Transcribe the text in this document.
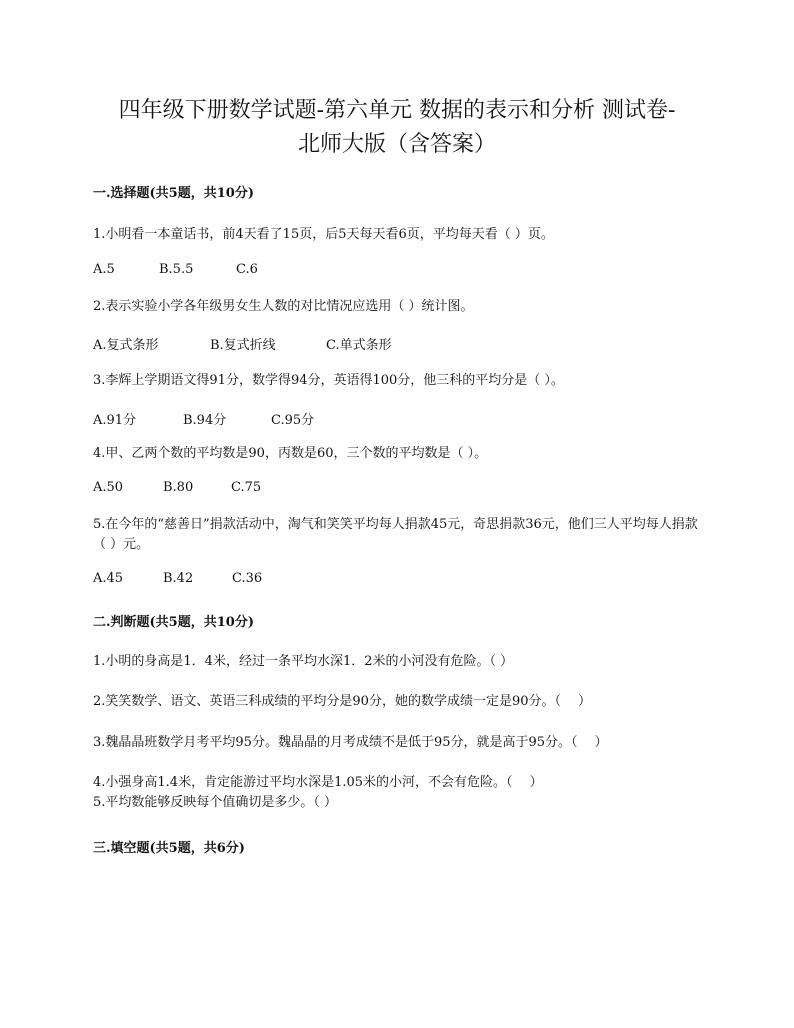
四年级下册数学试题-第六单元 数据的表示和分析 测试卷-
北师大版（含答案）

一.选择题(共5题，共10分)

1.小明看一本童话书，前4天看了15页，后5天每天看6页，平均每天看（ ）页。

A.5	B.5.5	C.6

2.表示实验小学各年级男女生人数的对比情况应选用（ ）统计图。

A.复式条形	B.复式折线	C.单式条形

3.李辉上学期语文得91分，数学得94分，英语得100分，他三科的平均分是（ ）。

A.91分	B.94分	C.95分

4.甲、乙两个数的平均数是90，丙数是60，三个数的平均数是（ ）。

A.50	B.80	C.75

5.在今年的“慈善日”捐款活动中，淘气和笑笑平均每人捐款45元，奇思捐款36元，他们三人平均每人捐款（ ）元。

A.45	B.42	C.36

二.判断题(共5题，共10分)

1.小明的身高是1．4米，经过一条平均水深1．2米的小河没有危险。（ ）

2.笑笑数学、语文、英语三科成绩的平均分是90分，她的数学成绩一定是90分。（　 ）

3.魏晶晶班数学月考平均95分。魏晶晶的月考成绩不是低于95分，就是高于95分。（　 ）

4.小强身高1.4米，肯定能游过平均水深是1.05米的小河，不会有危险。（　 ）

5.平均数能够反映每个值确切是多少。（ ）

三.填空题(共5题，共6分)
